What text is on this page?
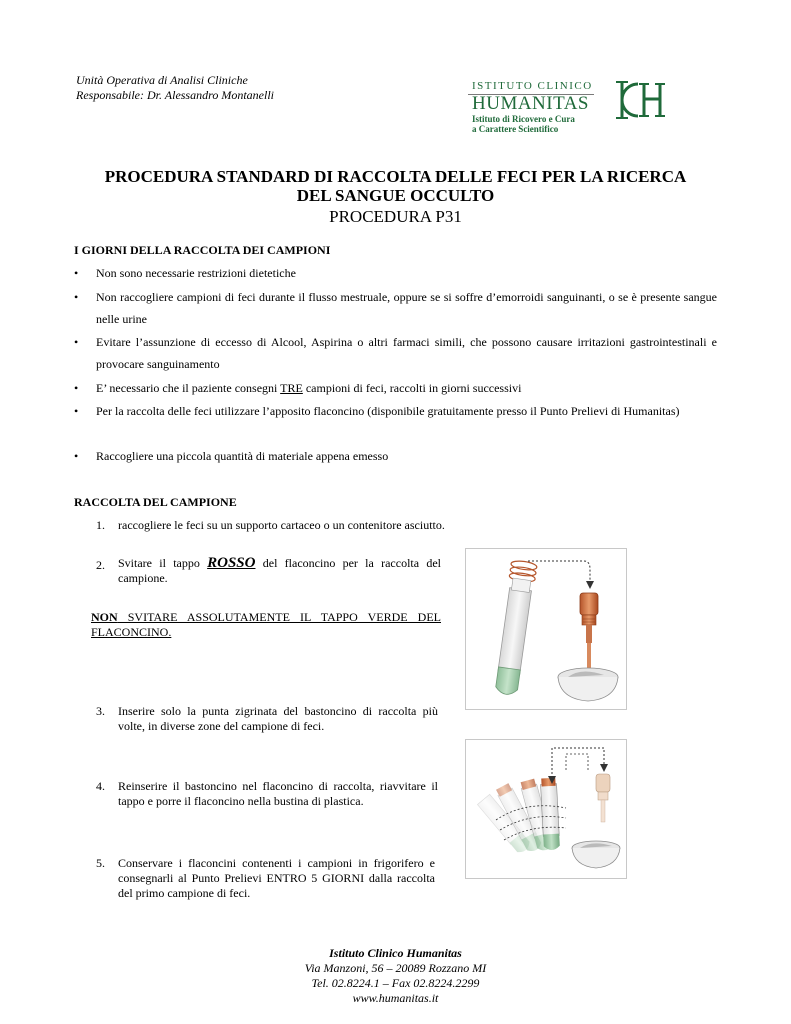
Unità Operativa di Analisi Cliniche
Responsabile: Dr. Alessandro Montanelli
ISTITUTO CLINICO
HUMANITAS
Istituto di Ricovero e Cura
a Carattere Scientifico
PROCEDURA STANDARD DI RACCOLTA DELLE FECI PER LA RICERCA
DEL SANGUE OCCULTO
PROCEDURA P31
I GIORNI DELLA RACCOLTA DEI CAMPIONI
• Non sono necessarie restrizioni dietetiche
• Non raccogliere campioni di feci durante il flusso mestruale, oppure se si soffre d’emorroidi sanguinanti, o se è presente sangue nelle urine
• Evitare l’assunzione di eccesso di Alcool, Aspirina o altri farmaci simili, che possono causare irritazioni gastrointestinali e provocare sanguinamento
• E’ necessario che il paziente consegni TRE campioni di feci, raccolti in giorni successivi
• Per la raccolta delle feci utilizzare l’apposito flaconcino (disponibile gratuitamente presso il Punto Prelievi di Humanitas)
• Raccogliere una piccola quantità di materiale appena emesso
RACCOLTA DEL CAMPIONE
1. raccogliere le feci su un supporto cartaceo o un contenitore asciutto.
2. Svitare il tappo ROSSO del flaconcino per la raccolta del campione.
NON SVITARE ASSOLUTAMENTE IL TAPPO VERDE DEL FLACONCINO.
3. Inserire solo la punta zigrinata del bastoncino di raccolta più volte, in diverse zone del campione di feci.
4. Reinserire il bastoncino nel flaconcino di raccolta, riavvitare il tappo e porre il flaconcino nella bustina di plastica.
5. Conservare i flaconcini contenenti i campioni in frigorifero e consegnarli al Punto Prelievi ENTRO 5 GIORNI dalla raccolta del primo campione di feci.
Istituto Clinico Humanitas
Via Manzoni, 56 – 20089 Rozzano MI
Tel. 02.8224.1 – Fax 02.8224.2299
www.humanitas.it
